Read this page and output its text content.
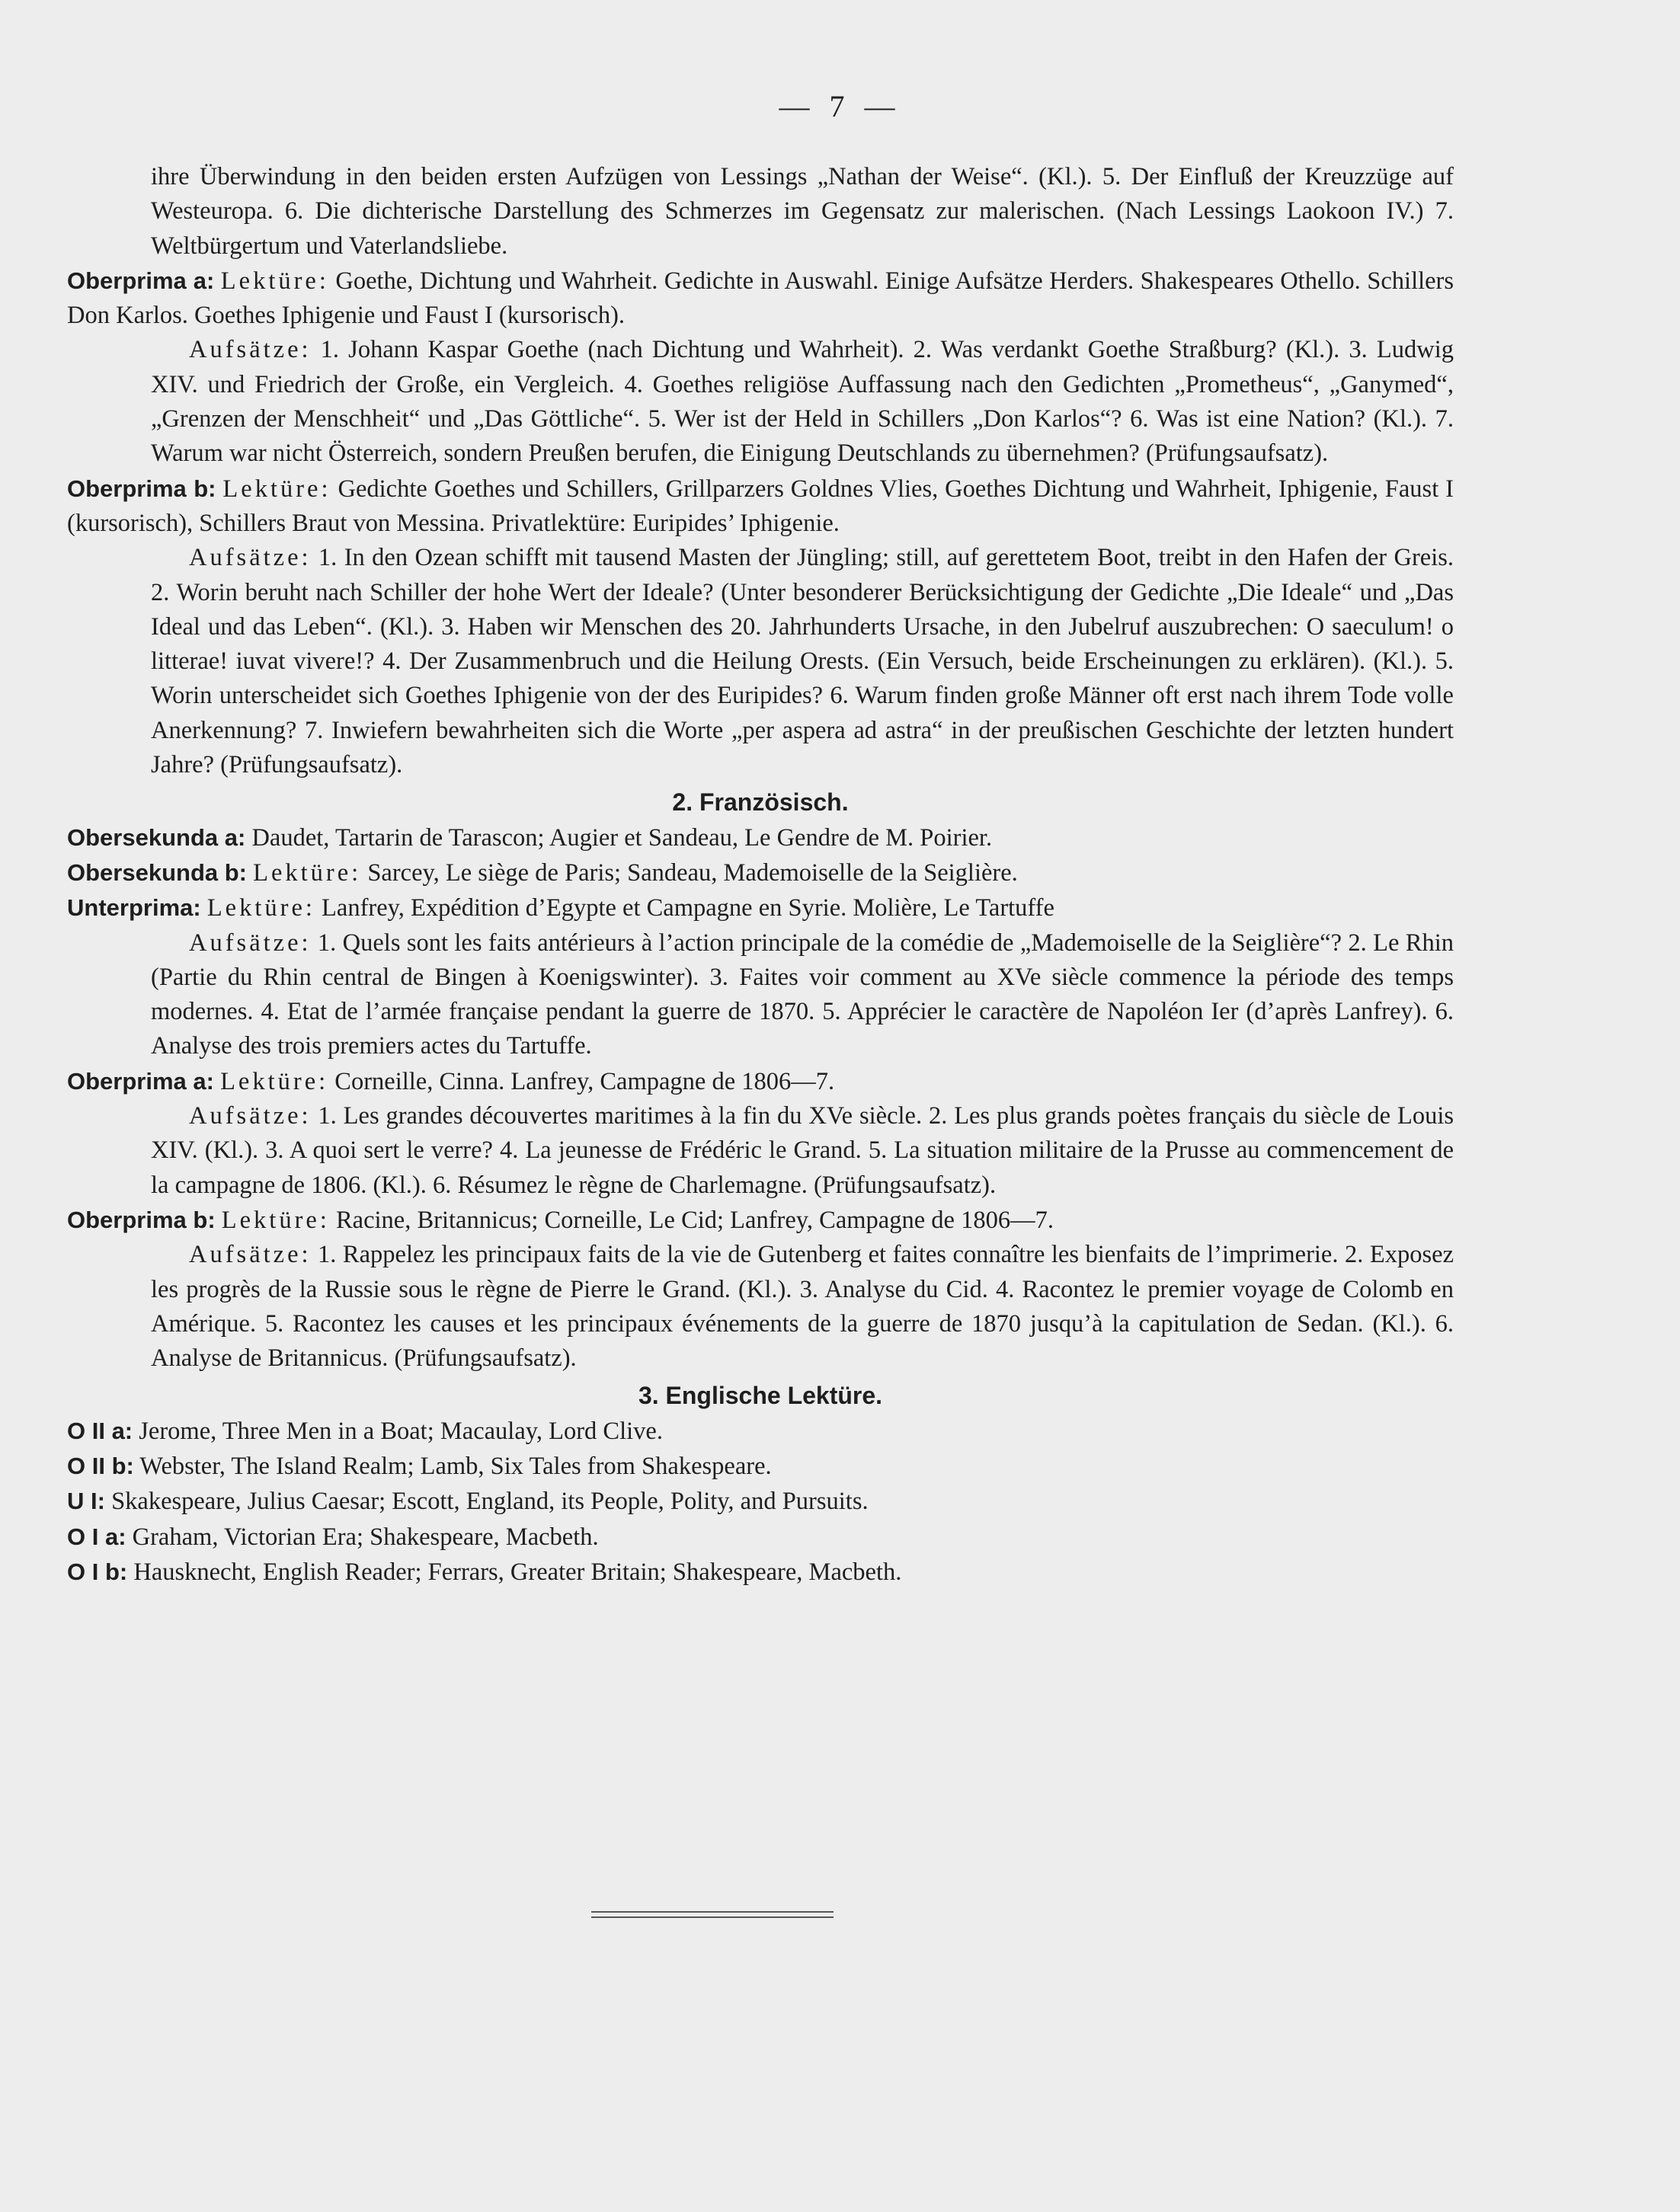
— 7 —
ihre Überwindung in den beiden ersten Aufzügen von Lessings „Nathan der Weise“. (Kl.). 5. Der Einfluß der Kreuzzüge auf Westeuropa. 6. Die dichterische Darstellung des Schmerzes im Gegensatz zur malerischen. (Nach Lessings Laokoon IV.) 7. Weltbürgertum und Vaterlandsliebe.
Oberprima a: Lektüre: Goethe, Dichtung und Wahrheit. Gedichte in Auswahl. Einige Aufsätze Herders. Shakespeares Othello. Schillers Don Karlos. Goethes Iphigenie und Faust I (kursorisch).
Aufsätze: 1. Johann Kaspar Goethe (nach Dichtung und Wahrheit). 2. Was verdankt Goethe Straßburg? (Kl.). 3. Ludwig XIV. und Friedrich der Große, ein Vergleich. 4. Goethes religiöse Auffassung nach den Gedichten „Prometheus“, „Ganymed“, „Grenzen der Menschheit“ und „Das Göttliche“. 5. Wer ist der Held in Schillers „Don Karlos“? 6. Was ist eine Nation? (Kl.). 7. Warum war nicht Österreich, sondern Preußen berufen, die Einigung Deutschlands zu übernehmen? (Prüfungsaufsatz).
Oberprima b: Lektüre: Gedichte Goethes und Schillers, Grillparzers Goldnes Vlies, Goethes Dichtung und Wahrheit, Iphigenie, Faust I (kursorisch), Schillers Braut von Messina. Privatlektüre: Euripides’ Iphigenie.
Aufsätze: 1. In den Ozean schifft mit tausend Masten der Jüngling; still, auf gerettetem Boot, treibt in den Hafen der Greis. 2. Worin beruht nach Schiller der hohe Wert der Ideale? (Unter besonderer Berücksichtigung der Gedichte „Die Ideale“ und „Das Ideal und das Leben“. (Kl.). 3. Haben wir Menschen des 20. Jahrhunderts Ursache, in den Jubelruf auszubrechen: O saeculum! o litterae! iuvat vivere!? 4. Der Zusammenbruch und die Heilung Orests. (Ein Versuch, beide Erscheinungen zu erklären). (Kl.). 5. Worin unterscheidet sich Goethes Iphigenie von der des Euripides? 6. Warum finden große Männer oft erst nach ihrem Tode volle Anerkennung? 7. Inwiefern bewahrheiten sich die Worte „per aspera ad astra“ in der preußischen Geschichte der letzten hundert Jahre? (Prüfungsaufsatz).
2. Französisch.
Obersekunda a: Daudet, Tartarin de Tarascon; Augier et Sandeau, Le Gendre de M. Poirier.
Obersekunda b: Lektüre: Sarcey, Le siège de Paris; Sandeau, Mademoiselle de la Seiglière.
Unterprima: Lektüre: Lanfrey, Expédition d’Egypte et Campagne en Syrie. Molière, Le Tartuffe
Aufsätze: 1. Quels sont les faits antérieurs à l’action principale de la comédie de „Mademoiselle de la Seiglière“? 2. Le Rhin (Partie du Rhin central de Bingen à Koenigswinter). 3. Faites voir comment au XVe siècle commence la période des temps modernes. 4. Etat de l’armée française pendant la guerre de 1870. 5. Apprécier le caractère de Napoléon Ier (d’après Lanfrey). 6. Analyse des trois premiers actes du Tartuffe.
Oberprima a: Lektüre: Corneille, Cinna. Lanfrey, Campagne de 1806—7.
Aufsätze: 1. Les grandes découvertes maritimes à la fin du XVe siècle. 2. Les plus grands poètes français du siècle de Louis XIV. (Kl.). 3. A quoi sert le verre? 4. La jeunesse de Frédéric le Grand. 5. La situation militaire de la Prusse au commencement de la campagne de 1806. (Kl.). 6. Résumez le règne de Charlemagne. (Prüfungsaufsatz).
Oberprima b: Lektüre: Racine, Britannicus; Corneille, Le Cid; Lanfrey, Campagne de 1806—7.
Aufsätze: 1. Rappelez les principaux faits de la vie de Gutenberg et faites connaître les bienfaits de l’imprimerie. 2. Exposez les progrès de la Russie sous le règne de Pierre le Grand. (Kl.). 3. Analyse du Cid. 4. Racontez le premier voyage de Colomb en Amérique. 5. Racontez les causes et les principaux événements de la guerre de 1870 jusqu’à la capitulation de Sedan. (Kl.). 6. Analyse de Britannicus. (Prüfungsaufsatz).
3. Englische Lektüre.
O II a: Jerome, Three Men in a Boat; Macaulay, Lord Clive.
O II b: Webster, The Island Realm; Lamb, Six Tales from Shakespeare.
U I: Skakespeare, Julius Caesar; Escott, England, its People, Polity, and Pursuits.
O I a: Graham, Victorian Era; Shakespeare, Macbeth.
O I b: Hausknecht, English Reader; Ferrars, Greater Britain; Shakespeare, Macbeth.
